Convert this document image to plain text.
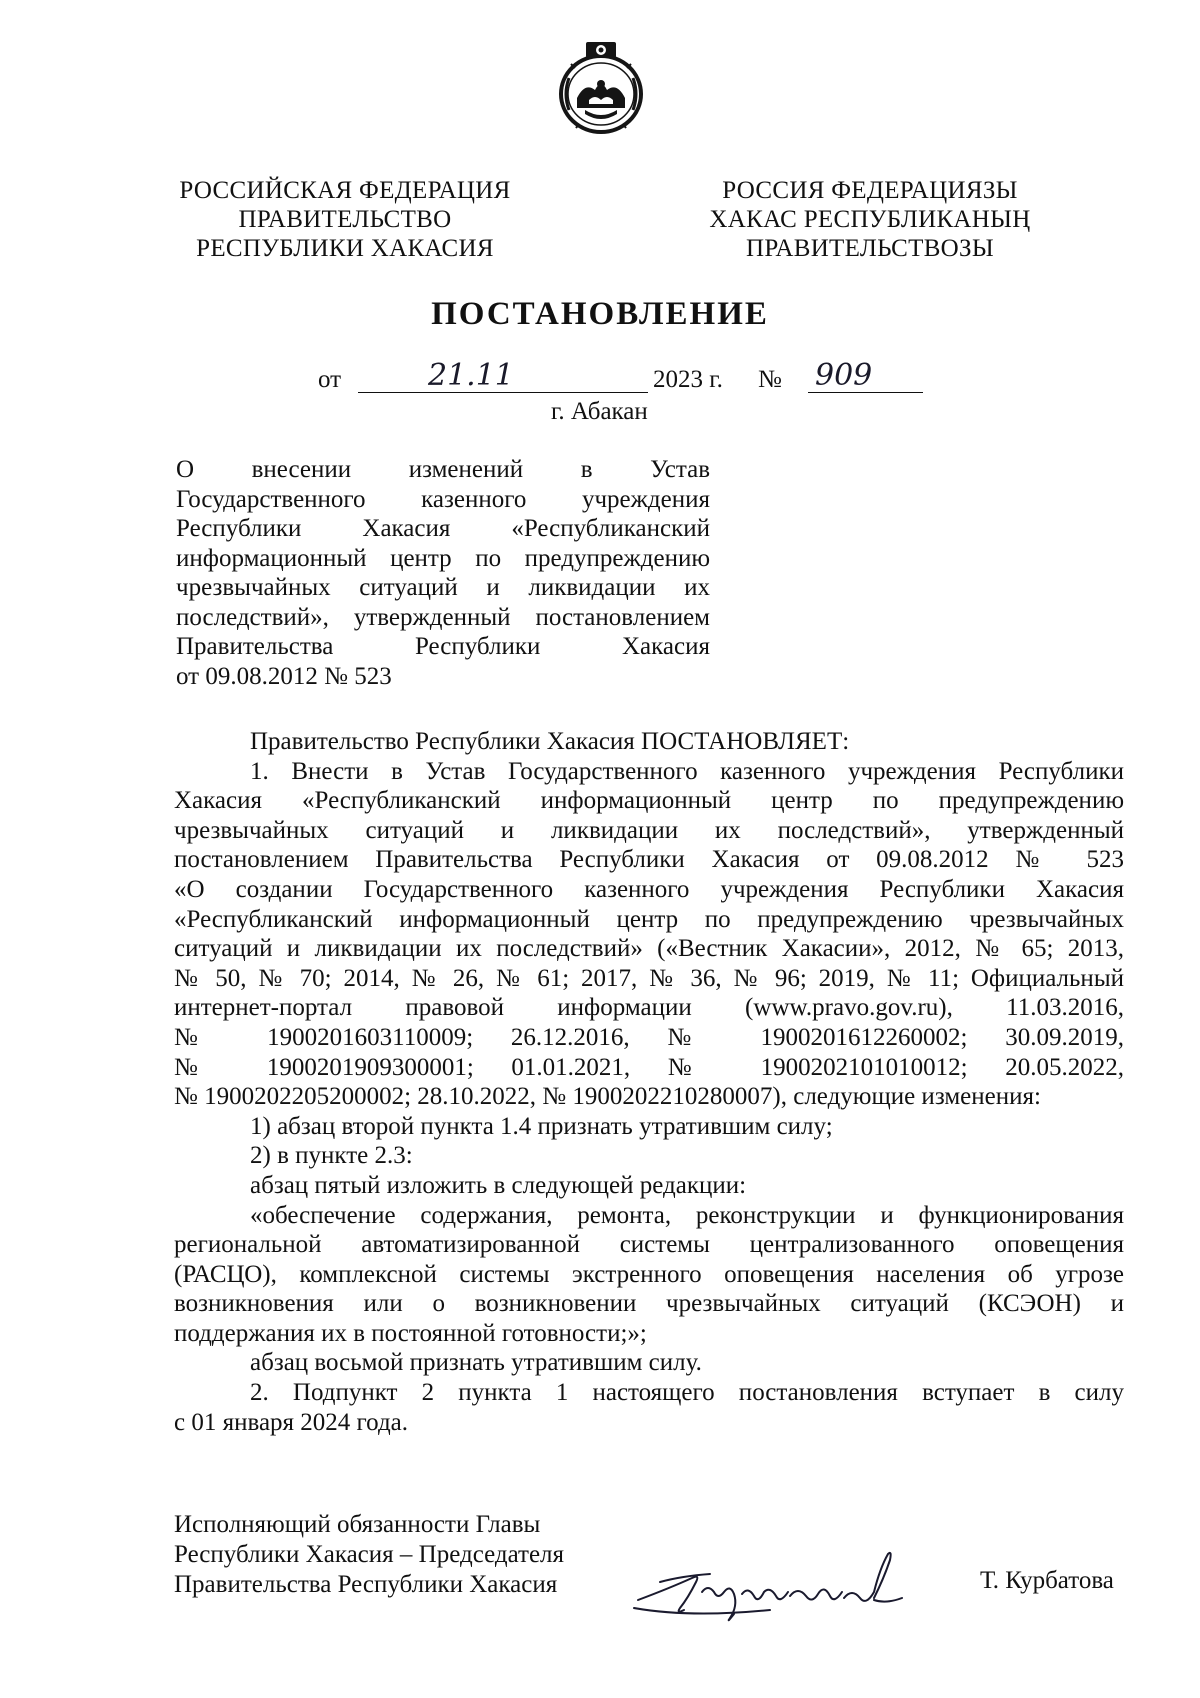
РОССИЙСКАЯ ФЕДЕРАЦИЯ
ПРАВИТЕЛЬСТВО
РЕСПУБЛИКИ ХАКАСИЯ
РОССИЯ ФЕДЕРАЦИЯЗЫ
ХАКАС РЕСПУБЛИКАНЫҢ
ПРАВИТЕЛЬСТВОЗЫ
ПОСТАНОВЛЕНИЕ
от	21.11	2023 г. № 909
г. Абакан
О внесении изменений в Устав
Государственного казенного учреждения
Республики Хакасия «Республиканский
информационный центр по предупреждению
чрезвычайных ситуаций и ликвидации их
последствий», утвержденный постановлением
Правительства Республики Хакасия
от 09.08.2012 № 523
Правительство Республики Хакасия ПОСТАНОВЛЯЕТ:
1. Внести в Устав Государственного казенного учреждения Республики
Хакасия «Республиканский информационный центр по предупреждению
чрезвычайных ситуаций и ликвидации их последствий», утвержденный
постановлением Правительства Республики Хакасия от 09.08.2012 № 523
«О создании Государственного казенного учреждения Республики Хакасия
«Республиканский информационный центр по предупреждению чрезвычайных
ситуаций и ликвидации их последствий» («Вестник Хакасии», 2012, № 65; 2013,
№ 50, № 70; 2014, № 26, № 61; 2017, № 36, № 96; 2019, № 11; Официальный
интернет-портал правовой информации (www.pravo.gov.ru), 11.03.2016,
№ 1900201603110009; 26.12.2016, № 1900201612260002; 30.09.2019,
№ 1900201909300001; 01.01.2021, № 1900202101010012; 20.05.2022,
№ 1900202205200002; 28.10.2022, № 1900202210280007), следующие изменения:
1) абзац второй пункта 1.4 признать утратившим силу;
2) в пункте 2.3:
абзац пятый изложить в следующей редакции:
«обеспечение содержания, ремонта, реконструкции и функционирования
региональной автоматизированной системы централизованного оповещения
(РАСЦО), комплексной системы экстренного оповещения населения об угрозе
возникновения или о возникновении чрезвычайных ситуаций (КСЭОН) и
поддержания их в постоянной готовности;»;
абзац восьмой признать утратившим силу.
2. Подпункт 2 пункта 1 настоящего постановления вступает в силу
с 01 января 2024 года.
Исполняющий обязанности Главы
Республики Хакасия – Председателя
Правительства Республики Хакасия	Т. Курбатова
